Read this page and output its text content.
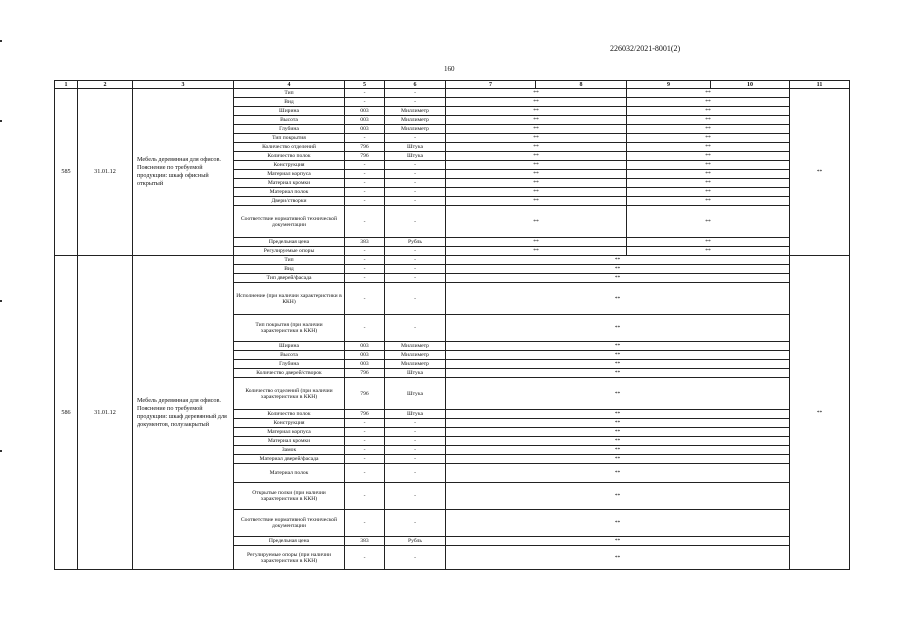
226032/2021-8001(2)
160
1	2	3	4	5	6	7	8	9	10	11
585	31.01.12	Мебель деревянная для офисов. Пояснение по требуемой продукции: шкаф офисный открытый	Тип	-	-	**		**		**
			Вид	-	-	**		**		
			Ширина	003	Миллиметр	**		**		
			Высота	003	Миллиметр	**		**		
			Глубина	003	Миллиметр	**		**		
			Тип покрытия	-	-	**		**		
			Количество отделений	796	Штука	**		**		
			Количество полок	796	Штука	**		**		
			Конструкция	-	-	**		**		
			Материал корпуса	-	-	**		**		
			Материал кромки	-	-	**		**		
			Материал полок	-	-	**		**		
			Двери/створки	-	-	**		**		
			Соответствие нормативной технической документации	-	-	**		**		
			Предельная цена	383	Рубль	**		**		
			Регулируемые опоры	-	-	**		**		
586	31.01.12	Мебель деревянная для офисов. Пояснение по требуемой продукции: шкаф деревянный для документов, полузакрытый	Тип	-	-	**				**
			Вид	-	-	**				
			Тип дверей/фасада	-	-	**				
			Исполнение (при наличии характеристики в ККН)	-	-	**				
			Тип покрытия (при наличии характеристики в ККН)	-	-	**				
			Ширина	003	Миллиметр	**				
			Высота	003	Миллиметр	**				
			Глубина	003	Миллиметр	**				
			Количество дверей/створок	796	Штука	**				
			Количество отделений (при наличии характеристики в ККН)	796	Штука	**				
			Количество полок	796	Штука	**				
			Конструкция	-	-	**				
			Материал корпуса	-	-	**				
			Материал кромки	-	-	**				
			Замок	-	-	**				
			Материал дверей/фасада	-	-	**				
			Материал полок	-	-	**				
			Открытые полки (при наличии характеристики в ККН)	-	-	**				
			Соответствие нормативной технической документации	-	-	**				
			Предельная цена	383	Рубль	**				
			Регулируемые опоры (при наличии характеристики в ККН)	-	-	**				
